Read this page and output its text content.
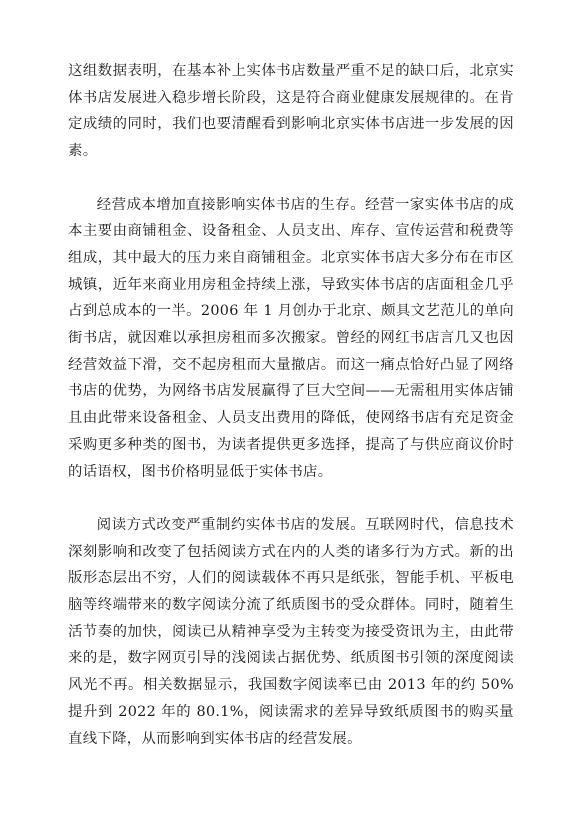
这组数据表明，在基本补上实体书店数量严重不足的缺口后，北京实体书店发展进入稳步增长阶段，这是符合商业健康发展规律的。在肯定成绩的同时，我们也要清醒看到影响北京实体书店进一步发展的因素。

经营成本增加直接影响实体书店的生存。经营一家实体书店的成本主要由商铺租金、设备租金、人员支出、库存、宣传运营和税费等组成，其中最大的压力来自商铺租金。北京实体书店大多分布在市区城镇，近年来商业用房租金持续上涨，导致实体书店的店面租金几乎占到总成本的一半。2006 年 1 月创办于北京、颇具文艺范儿的单向街书店，就因难以承担房租而多次搬家。曾经的网红书店言几又也因经营效益下滑，交不起房租而大量撤店。而这一痛点恰好凸显了网络书店的优势，为网络书店发展赢得了巨大空间——无需租用实体店铺且由此带来设备租金、人员支出费用的降低，使网络书店有充足资金采购更多种类的图书，为读者提供更多选择，提高了与供应商议价时的话语权，图书价格明显低于实体书店。

阅读方式改变严重制约实体书店的发展。互联网时代，信息技术深刻影响和改变了包括阅读方式在内的人类的诸多行为方式。新的出版形态层出不穷，人们的阅读载体不再只是纸张，智能手机、平板电脑等终端带来的数字阅读分流了纸质图书的受众群体。同时，随着生活节奏的加快，阅读已从精神享受为主转变为接受资讯为主，由此带来的是，数字网页引导的浅阅读占据优势、纸质图书引领的深度阅读风光不再。相关数据显示，我国数字阅读率已由 2013 年的约 50%提升到 2022 年的 80.1%，阅读需求的差异导致纸质图书的购买量直线下降，从而影响到实体书店的经营发展。
